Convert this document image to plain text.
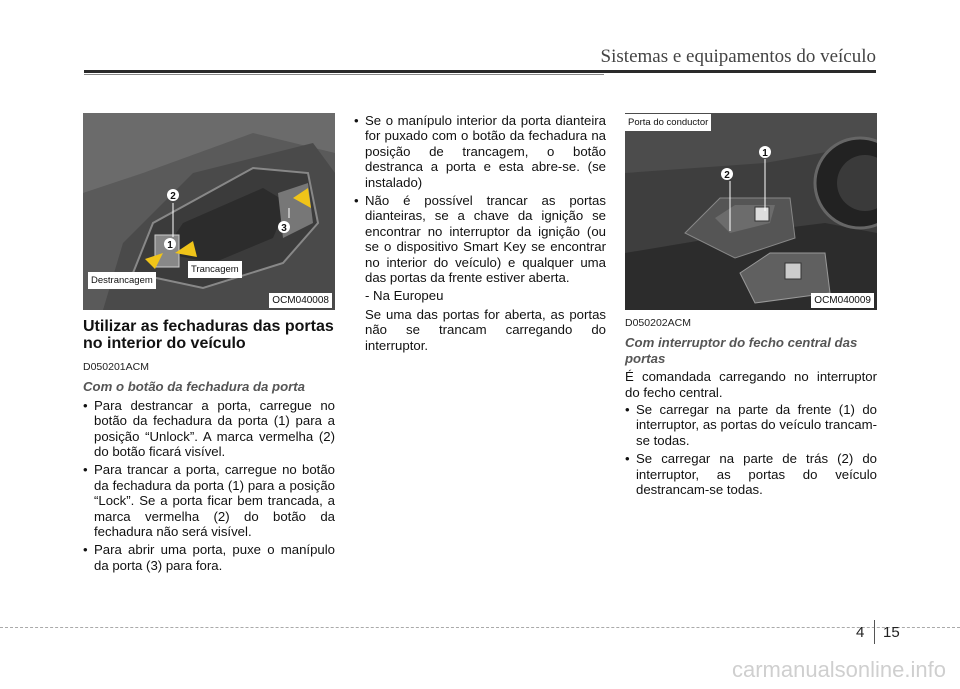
Sistemas e equipamentos do veículo
2
1
3
Destrancagem
Trancagem
OCM040008
Utilizar as fechaduras das portas no interior do veículo
D050201ACM
Com o botão da fechadura da porta
• Para destrancar a porta, carregue no botão da fechadura da porta (1) para a posição “Unlock”. A marca vermelha (2) do botão ficará visível.
• Para trancar a porta, carregue no botão da fechadura da porta (1) para a posição “Lock”. Se a porta ficar bem trancada, a marca vermelha (2) do botão da fechadura não será visível.
• Para abrir uma porta, puxe o manípulo da porta (3) para fora.
• Se o manípulo interior da porta dianteira for puxado com o botão da fechadura na posição de trancagem, o botão destranca a porta e esta abre-se. (se instalado)
• Não é possível trancar as portas dianteiras, se a chave da ignição se encontrar no interruptor da ignição (ou se o dispositivo Smart Key se encontrar no interior do veículo) e qualquer uma das portas da frente estiver aberta.
- Na Europeu
Se uma das portas for aberta, as portas não se trancam carregando do interruptor.
2
1
Porta do conductor
OCM040009
D050202ACM
Com interruptor do fecho central das portas

É comandada carregando no interruptor do fecho central.

• Se carregar na parte da frente (1) do interruptor, as portas do veículo trancam-se todas.
• Se carregar na parte de trás (2) do interruptor, as portas do veículo destrancam-se todas.
4 15
carmanualsonline.info
